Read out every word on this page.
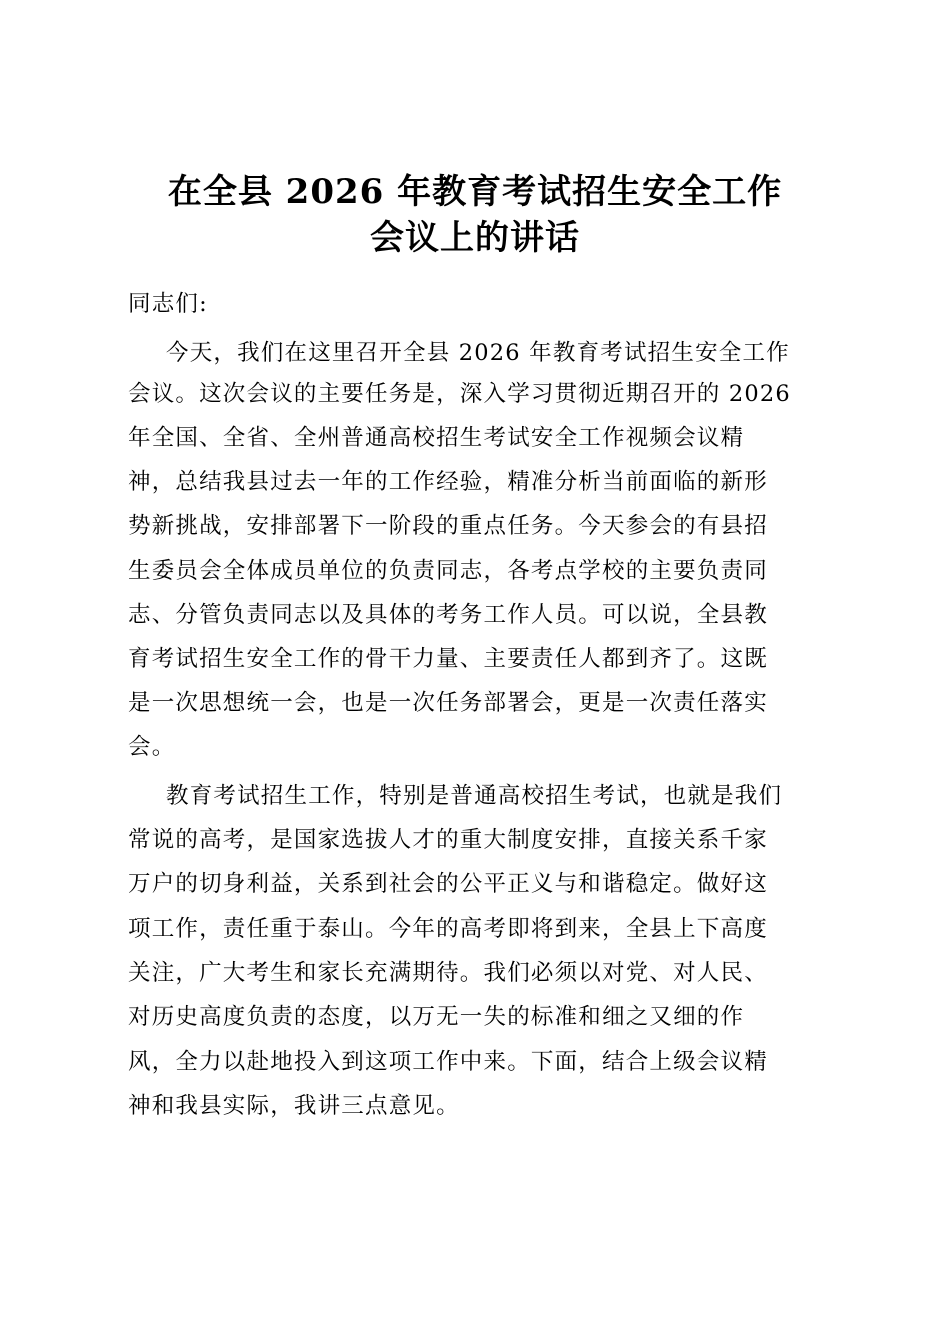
在全县 2026 年教育考试招生安全工作
会议上的讲话
同志们:
今天，我们在这里召开全县 2026 年教育考试招生安全工作
会议。这次会议的主要任务是，深入学习贯彻近期召开的 2026
年全国、全省、全州普通高校招生考试安全工作视频会议精
神，总结我县过去一年的工作经验，精准分析当前面临的新形
势新挑战，安排部署下一阶段的重点任务。今天参会的有县招
生委员会全体成员单位的负责同志，各考点学校的主要负责同
志、分管负责同志以及具体的考务工作人员。可以说，全县教
育考试招生安全工作的骨干力量、主要责任人都到齐了。这既
是一次思想统一会，也是一次任务部署会，更是一次责任落实
会。
教育考试招生工作，特别是普通高校招生考试，也就是我们
常说的高考，是国家选拔人才的重大制度安排，直接关系千家
万户的切身利益，关系到社会的公平正义与和谐稳定。做好这
项工作，责任重于泰山。今年的高考即将到来，全县上下高度
关注，广大考生和家长充满期待。我们必须以对党、对人民、
对历史高度负责的态度，以万无一失的标准和细之又细的作
风，全力以赴地投入到这项工作中来。下面，结合上级会议精
神和我县实际，我讲三点意见。
